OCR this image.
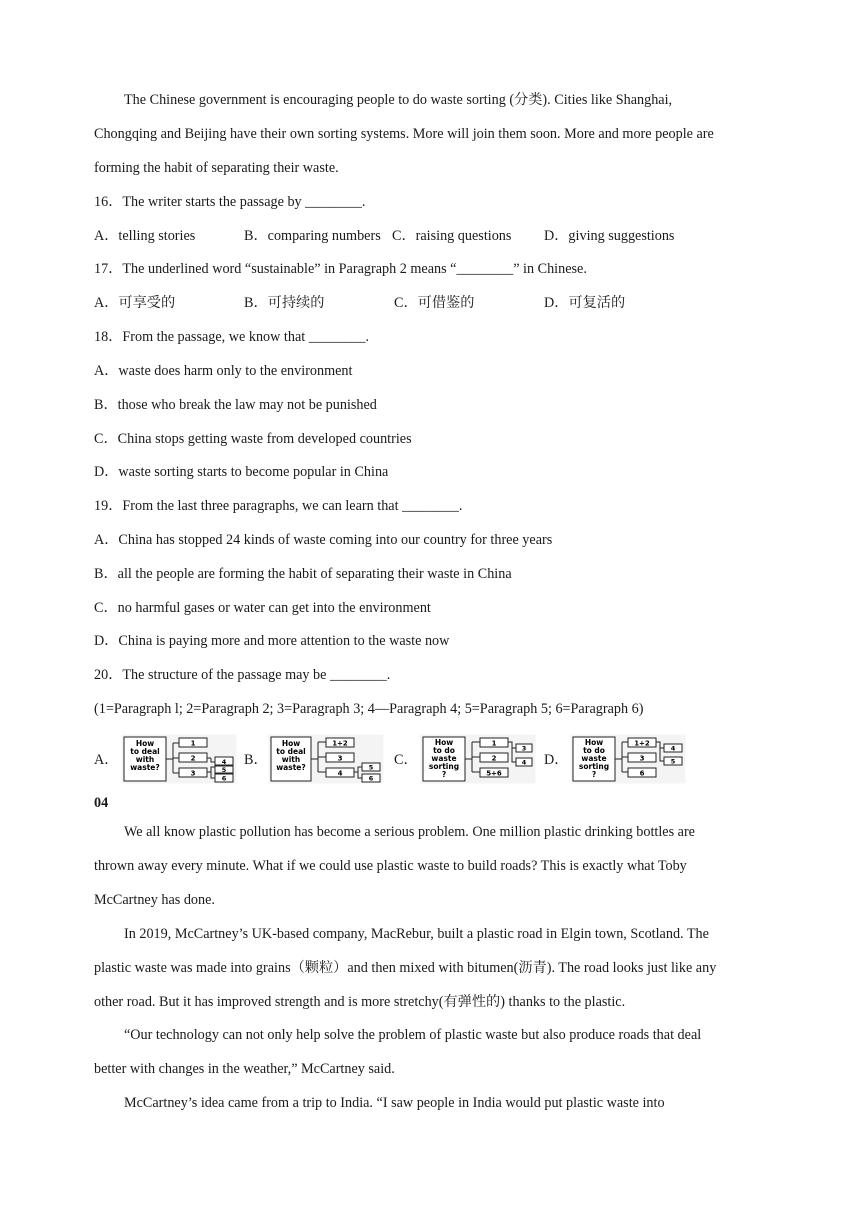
The Chinese government is encouraging people to do waste sorting (分类). Cities like Shanghai,
Chongqing and Beijing have their own sorting systems. More will join them soon. More and more people are
forming the habit of separating their waste.
16．The writer starts the passage by ________.
A．telling stories	B．comparing numbers C．raising questions D．giving suggestions
17．The underlined word “sustainable” in Paragraph 2 means “________” in Chinese.
A．可享受的	B．可持续的	C．可借鉴的	D．可复活的
18．From the passage, we know that ________.
A．waste does harm only to the environment
B．those who break the law may not be punished
C．China stops getting waste from developed countries
D．waste sorting starts to become popular in China
19．From the last three paragraphs, we can learn that ________.
A．China has stopped 24 kinds of waste coming into our country for three years
B．all the people are forming the habit of separating their waste in China
C．no harmful gases or water can get into the environment
D．China is paying more and more attention to the waste now
20．The structure of the passage may be ________.
(1=Paragraph l; 2=Paragraph 2; 3=Paragraph 3; 4—Paragraph 4; 5=Paragraph 5; 6=Paragraph 6)
A．
How
to deal
with
waste?
1
2
3
4
5
6
B．
How
to deal
with
waste?
1+2
3
4
5
6
C．
How
to do
waste
sorting
?
1
2
5+6
3
4 D．
How
to do
waste
sorting
?
1+2
3
6
4
5
04
We all know plastic pollution has become a serious problem. One million plastic drinking bottles are
thrown away every minute. What if we could use plastic waste to build roads? This is exactly what Toby
McCartney has done.
In 2019, McCartney’s UK-based company, MacRebur, built a plastic road in Elgin town, Scotland. The
plastic waste was made into grains（颗粒）and then mixed with bitumen(沥青). The road looks just like any
other road. But it has improved strength and is more stretchy(有弹性的) thanks to the plastic.
“Our technology can not only help solve the problem of plastic waste but also produce roads that deal
better with changes in the weather,” McCartney said.
McCartney’s idea came from a trip to India. “I saw people in India would put plastic waste into
